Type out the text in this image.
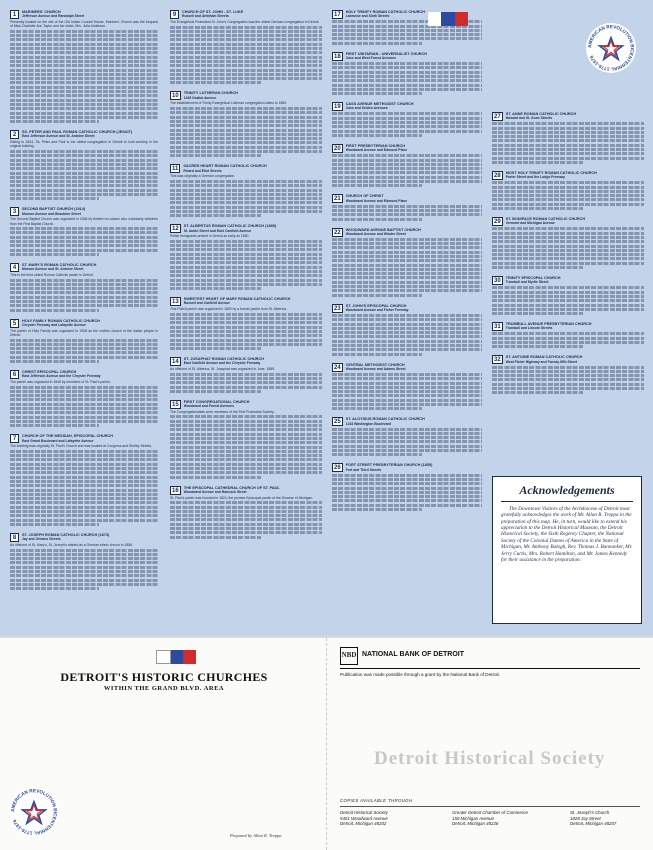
1	MARINERS' CHURCH
Jefferson Avenue and Randolph Street
Presently located on the site of the Old Indian Council House, Mariners' Church was the bequest of Miss Charlotte Ann Taylor and her sister, Mrs. Julia Anderson.
2	SS. PETER AND PAUL ROMAN CATHOLIC CHURCH (JESUIT)
East Jefferson Avenue and St. Antoine Street
Dating to 1844, Ss. Peter and Paul is the oldest congregation in Detroit to hold worship in the original building.
3	SECOND BAPTIST CHURCH (1914)
Monroe Avenue and Beaubien Street
The Second Baptist Church was organized in 1836 by thirteen ex-slaves who voluntarily withdrew from the First Baptist Church.
4	ST. MARY'S ROMAN CATHOLIC CHURCH
Monroe Avenue and St. Antoine Street
This is the third oldest Roman Catholic parish in Detroit.
5	HOLY FAMILY ROMAN CATHOLIC CHURCH
Chrysler Freeway and Lafayette Avenue
The parish of Holy Family was organized in 1908 as the mother church of the Italian people in Detroit.
6	CHRIST EPISCOPAL CHURCH
East Jefferson Avenue and the Chrysler Freeway
The parish was organized in 1845 by members of St. Paul's parish.
7	CHURCH OF THE MESSIAH, EPISCOPAL CHURCH
East Grand Boulevard and Lafayette Avenue
The building was originally St. Paul's Church and was located at Congress and Shelby Streets.
8	ST. JOSEPH ROMAN CATHOLIC CHURCH (1873)
Jay and Orleans Streets
An offshoot of St. Mary's, St. Joseph's started as a German ethnic church in 1856.
9	CHURCH OF ST. JOHN - ST. LUKE
Russell and Antietam Streets
The Evangelical Protestant St. John's Congregation was the oldest German congregation in Detroit.
10	TRINITY LUTHERAN CHURCH
1345 Gratiot Avenue
The establishment of Trinity Evangelical Lutheran congregation dates to 1850.
11	SACRED HEART ROMAN CATHOLIC CHURCH
Rivard and Eliot Streets
This was originally a German congregation.
12	ST. ALBERTUS ROMAN CATHOLIC CHURCH (1885)
St. Aubin Street and East Canfield Avenue
Polish immigrants arrived in Detroit as early as 1850.
13	SWEETEST HEART OF MARY ROMAN CATHOLIC CHURCH
Russell and Canfield Avenue
This Polish parish was organized in 1890 by a former pastor from St. Albertus.
14	ST. JOSAPHAT ROMAN CATHOLIC CHURCH
East Canfield Avenue and the Chrysler Freeway
An offshoot of St. Albertus, St. Josaphat was organized in June, 1889.
15	FIRST CONGREGATIONAL CHURCH
Woodward and Forest Avenues
The Congregationalists were members of the First Protestant Society.
16	THE EPISCOPAL CATHEDRAL CHURCH OF ST. PAUL
Woodward Avenue and Hancock Street
St. Paul's parish was founded in 1824, the pioneer Episcopal parish of the Diocese of Michigan.
17	HOLY TRINITY ROMAN CATHOLIC CHURCH
Labrosse and Sixth Streets
18	FIRST UNITARIAN - UNIVERSALIST CHURCH
Cass and West Forest Avenues
19	CASS AVENUE METHODIST CHURCH
Cass and Selden Avenues
20	FIRST PRESBYTERIAN CHURCH
Woodward Avenue and Edmund Place
21	CHURCH OF CHRIST
Woodward Avenue and Edmund Place
22	WOODWARD AVENUE BAPTIST CHURCH
Woodward Avenue and Winder Street
23	ST. JOHN'S EPISCOPAL CHURCH
Woodward Avenue and Fisher Freeway
24	CENTRAL METHODIST CHURCH
Woodward Avenue and Adams Street
25	ST. ALOYSIUS ROMAN CATHOLIC CHURCH
1234 Washington Boulevard
26	FORT STREET PRESBYTERIAN CHURCH (1855)
Fort and Third Streets
27	ST. ANNE ROMAN CATHOLIC CHURCH
Howard and St. Anne Streets
28	MOST HOLY TRINITY ROMAN CATHOLIC CHURCH
Porter Street and the Lodge Freeway
29	ST. BONIFACE ROMAN CATHOLIC CHURCH
Vermont and Michigan Avenue
30	TRINITY EPISCOPAL CHURCH
Trumbull and Myrtle Street
31	TRUMBULL AVENUE PRESBYTERIAN CHURCH
Trumbull and Lincoln Streets
32	ST. ANTOINE ROMAN CATHOLIC CHURCH
West Fisher Highway and Twenty-fifth Street
AMERICAN REVOLUTION BICENTENNIAL 1776-1976
Acknowledgements
The Downtown Visitors of the Archdiocese of Detroit most gratefully acknowledges the work of Mr. Allan R. Treppa in the preparation of this map. He, in turn, would like to extend his appreciation to the Detroit Historical Museum, the Detroit Historical Society, the Sixth Regency Chapter, the National Society of the Colonial Dames of America in the State of Michigan, Mr. Anthony Balogh, Rev. Thomas J. Bannanker, Mr. Jerry Curtis, Mrs. Robert Hamilton, and Mr. James Kennedy for their assistance in the preparation.
DETROIT'S HISTORIC CHURCHES
WITHIN THE GRAND BLVD. AREA
AMERICAN REVOLUTION BICENTENNIAL 1776-1976
Prepared by Allan R. Treppa
NBD NATIONAL BANK OF DETROIT
Publication was made possible through a grant by the National Bank of Detroit.
Detroit Historical Society
COPIES AVAILABLE THROUGH
Detroit Historical Society
5401 Woodward Avenue
Detroit, Michigan 48202
Greater Detroit Chamber of Commerce
150 Michigan Avenue
Detroit, Michigan 48226
St. Joseph's Church
1828 Jay Street
Detroit, Michigan 48207
